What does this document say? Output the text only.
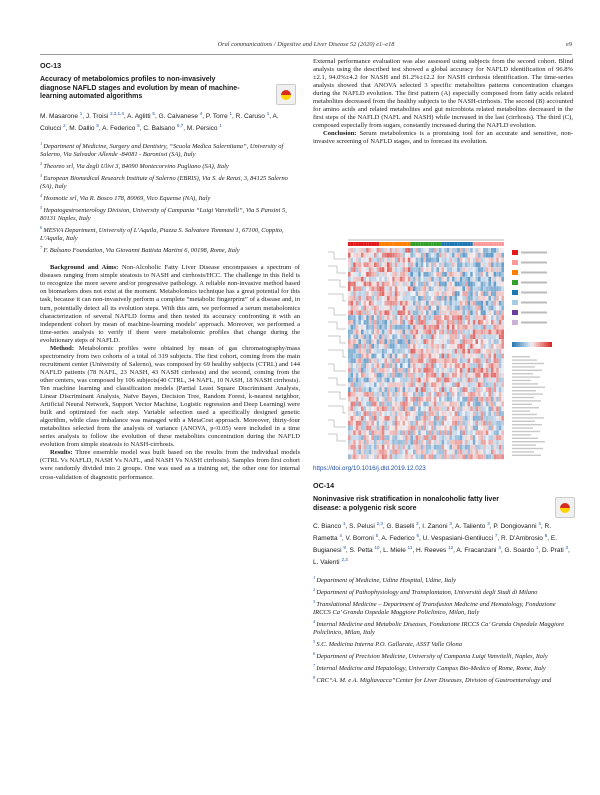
Oral communications / Digestive and Liver Disease 52 (2020) e1–e18	e9
OC-13
Accuracy of metabolomics profiles to non-invasively diagnose NAFLD stages and evolution by mean of machine-learning automated algorithms
M. Masarone $^1$, J. Troisi $^{2,3,1,4}$, A. Aglitti $^5$, G. Calvanese $^4$, P. Torre $^1$, R. Caruso $^1$, A. Colucci $^2$, M. Dallio $^5$, A. Federico $^5$, C. Balsano $^{6,7}$, M. Persico $^1$
$^1$ Department of Medicine, Surgery and Dentistry, “Scuola Medica Salernitana”, University of Salerno, Via Salvador Allende -84081 - Baronissi (SA), Italy
$^2$ Theoreo srl, Via degli Ulivi 3, 84090 Montecorvino Pugliano (SA), Italy
$^3$ European Biomedical Research Institute of Salerno (EBRIS), Via S. de Renzi, 3, 84125 Salerno (SA), Italy
$^4$ Hosmotic srl, Via R. Bosco 178, 80069, Vico Equense (NA), Italy
$^5$ Hepatogastroenterology Division, University of Campania “Luigi Vanvitelli”, Via S Pansini 5, 80131 Naples, Italy
$^6$ MESVA Department, University of L’Aquila, Piazza S. Salvatore Tommasi 1, 67100, Coppito, L’Aquila, Italy
$^7$ F. Balsano Foundation, Via Giovanni Battista Martini 6, 00198, Rome, Italy

Background and Aims: Non-Alcoholic Fatty Liver Disease encompasses a spectrum of diseases ranging from simple steatosis to NASH and cirrhosis/HCC. The challenge in this field is to recognize the more severe and/or progressive pathology. A reliable non-invasive method based on biomarkers does not exist at the moment. Metabolomics technique has a great potential for this task, because it can non-invasively perform a complete “metabolic fingerprint” of a disease and, in turn, potentially detect all its evolution steps. With this aim, we performed a serum metabolomics characterization of several NAFLD forms and then tested its accuracy confronting it with an independent cohort by mean of machine-learning models’ approach. Moreover, we performed a time-series analysis to verify if there were metabolomic profiles that change during the evolutionary steps of NAFLD.

Method: Metabolomic profiles were obtained by mean of gas chromatography/mass spectrometry from two cohorts of a total of 319 subjects. The first cohort, coming from the main recruitment center (University of Salerno), was composed by 69 healthy subjects (CTRL) and 144 NAFLD patients (78 NAFL, 23 NASH, 43 NASH cirrhosis) and the second, coming from the other centers, was composed by 106 subjects(40 CTRL, 34 NAFL, 10 NASH, 18 NASH cirrhosis). Ten machine learning and classification models (Partial Least Square Discriminant Analysis, Linear Discriminant Analysis, Naïve Bayes, Decision Tree, Random Forest, k-nearest neighbor, Artificial Neural Network, Support Vector Machine, Logistic regression and Deep Learning) were built and optimized for each step. Variable selection used a specifically designed genetic algorithm, while class imbalance was managed with a MetaCost approach. Moreover, thirty-four metabolites selected from the analysis of variance (ANOVA, p<0.05) were included in a time series analysis to follow the evolution of these metabolites concentration during the NAFLD evolution from simple steatosis to NASH-cirrhosis.

Results: Three ensemble model was built based on the results from the individual models (CTRL Vs NAFLD, NASH Vs NAFL, and NASH Vs NASH cirrhosis). Samples from first cohort were randomly divided into 2 groups. One was used as a training set, the other one for internal cross-validation of diagnostic performance.

External performance evaluation was also assessed using subjects from the second cohort. Blind analysis using the described test showed a global accuracy for NAFLD identification of 96.8%±2.1, 94.0%±4.2 for NASH and 81.2%±12.2 for NASH cirrhosis identification. The time-series analysis showed that ANOVA selected 3 specific metabolites patterns concentration changes during the NAFLD evolution. The first pattern (A) especially composed from fatty acids related metabolites decreased from the healthy subjects to the NASH-cirrhosis. The second (B) accounted for amino acids and related metabolites and gut microbiota related metabolites decreased in the first steps of the NAFLD (NAFL and NASH) while increased in the last (cirrhosis). The third (C), composed especially from sugars, constantly increased during the NAFLD evolution.

Conclusion: Serum metabolomics is a promising tool for an accurate and sensitive, non-invasive screening of NAFLD stages, and to forecast its evolution.

https://doi.org/10.1016/j.dld.2019.12.023
OC-14
Noninvasive risk stratification in nonalcoholic fatty liver disease: a polygenic risk score
C. Bianco $^1$, S. Pelusi $^{2,3}$, G. Baselli $^2$, I. Zanoni $^3$, A. Taliento $^3$, P. Dongiovanni $^4$, R. Rametta $^4$, V. Borroni $^5$, A. Federico $^6$, U. Vespasiani-Gentilucci $^7$, R. D’Ambrosio $^8$, E. Bugianesi $^9$, S. Petta $^{10}$, L. Miele $^{11}$, H. Reeves $^{12}$, A. Fracanzani $^4$, G. Soardo $^1$, D. Prati $^3$, L. Valenti $^{2,3}$
$^1$ Department of Medicine, Udine Hospital, Udine, Italy
$^2$ Department of Pathophysiology and Transplantaton, Università degli Studi di Milano
$^3$ Translational Medicine – Department of Transfusion Medicine and Hematology, Fondazione IRCCS Ca’ Granda Ospedale Maggiore Policlinico, Milan, Italy
$^4$ Internal Medicine and Metabolic Diseases, Fondazione IRCCS Ca’ Granda Ospedale Maggiore Policlinico, Milan, Italy
$^5$ S.C. Medicina Interna P.O. Gallarate, ASST Valle Olona
$^6$ Department of Precision Medicine, University of Campania Luigi Vanvitelli, Naples, Italy
$^7$ Internal Medicine and Hepatology, University Campus Bio-Medico of Rome, Rome, Italy
$^8$ CRC“A. M. e A. Migliavacca”Center for Liver Diseases, Division of Gastroenterology and
